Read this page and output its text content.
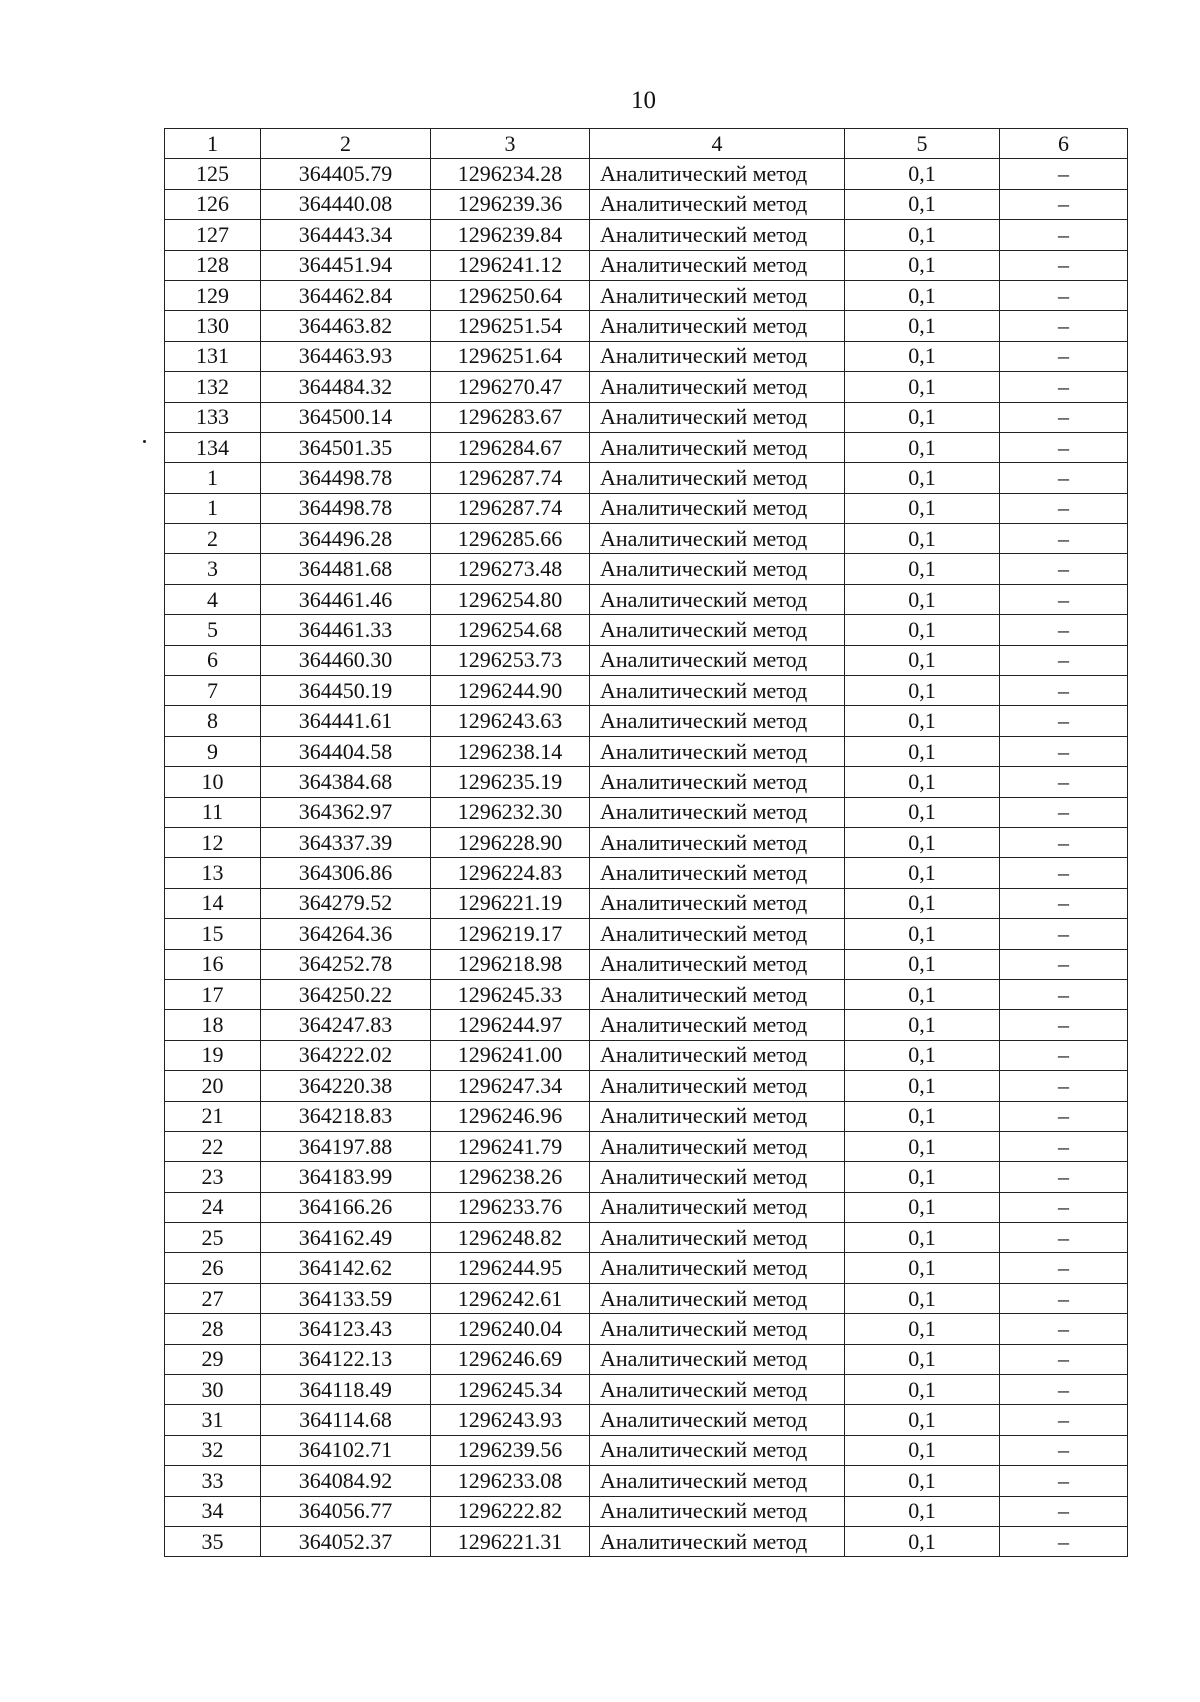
10
1	2	3	4	5	6
125	364405.79	1296234.28	Аналитический метод	0,1	–
126	364440.08	1296239.36	Аналитический метод	0,1	–
127	364443.34	1296239.84	Аналитический метод	0,1	–
128	364451.94	1296241.12	Аналитический метод	0,1	–
129	364462.84	1296250.64	Аналитический метод	0,1	–
130	364463.82	1296251.54	Аналитический метод	0,1	–
131	364463.93	1296251.64	Аналитический метод	0,1	–
132	364484.32	1296270.47	Аналитический метод	0,1	–
133	364500.14	1296283.67	Аналитический метод	0,1	–
134	364501.35	1296284.67	Аналитический метод	0,1	–
1	364498.78	1296287.74	Аналитический метод	0,1	–
1	364498.78	1296287.74	Аналитический метод	0,1	–
2	364496.28	1296285.66	Аналитический метод	0,1	–
3	364481.68	1296273.48	Аналитический метод	0,1	–
4	364461.46	1296254.80	Аналитический метод	0,1	–
5	364461.33	1296254.68	Аналитический метод	0,1	–
6	364460.30	1296253.73	Аналитический метод	0,1	–
7	364450.19	1296244.90	Аналитический метод	0,1	–
8	364441.61	1296243.63	Аналитический метод	0,1	–
9	364404.58	1296238.14	Аналитический метод	0,1	–
10	364384.68	1296235.19	Аналитический метод	0,1	–
11	364362.97	1296232.30	Аналитический метод	0,1	–
12	364337.39	1296228.90	Аналитический метод	0,1	–
13	364306.86	1296224.83	Аналитический метод	0,1	–
14	364279.52	1296221.19	Аналитический метод	0,1	–
15	364264.36	1296219.17	Аналитический метод	0,1	–
16	364252.78	1296218.98	Аналитический метод	0,1	–
17	364250.22	1296245.33	Аналитический метод	0,1	–
18	364247.83	1296244.97	Аналитический метод	0,1	–
19	364222.02	1296241.00	Аналитический метод	0,1	–
20	364220.38	1296247.34	Аналитический метод	0,1	–
21	364218.83	1296246.96	Аналитический метод	0,1	–
22	364197.88	1296241.79	Аналитический метод	0,1	–
23	364183.99	1296238.26	Аналитический метод	0,1	–
24	364166.26	1296233.76	Аналитический метод	0,1	–
25	364162.49	1296248.82	Аналитический метод	0,1	–
26	364142.62	1296244.95	Аналитический метод	0,1	–
27	364133.59	1296242.61	Аналитический метод	0,1	–
28	364123.43	1296240.04	Аналитический метод	0,1	–
29	364122.13	1296246.69	Аналитический метод	0,1	–
30	364118.49	1296245.34	Аналитический метод	0,1	–
31	364114.68	1296243.93	Аналитический метод	0,1	–
32	364102.71	1296239.56	Аналитический метод	0,1	–
33	364084.92	1296233.08	Аналитический метод	0,1	–
34	364056.77	1296222.82	Аналитический метод	0,1	–
35	364052.37	1296221.31	Аналитический метод	0,1	–
